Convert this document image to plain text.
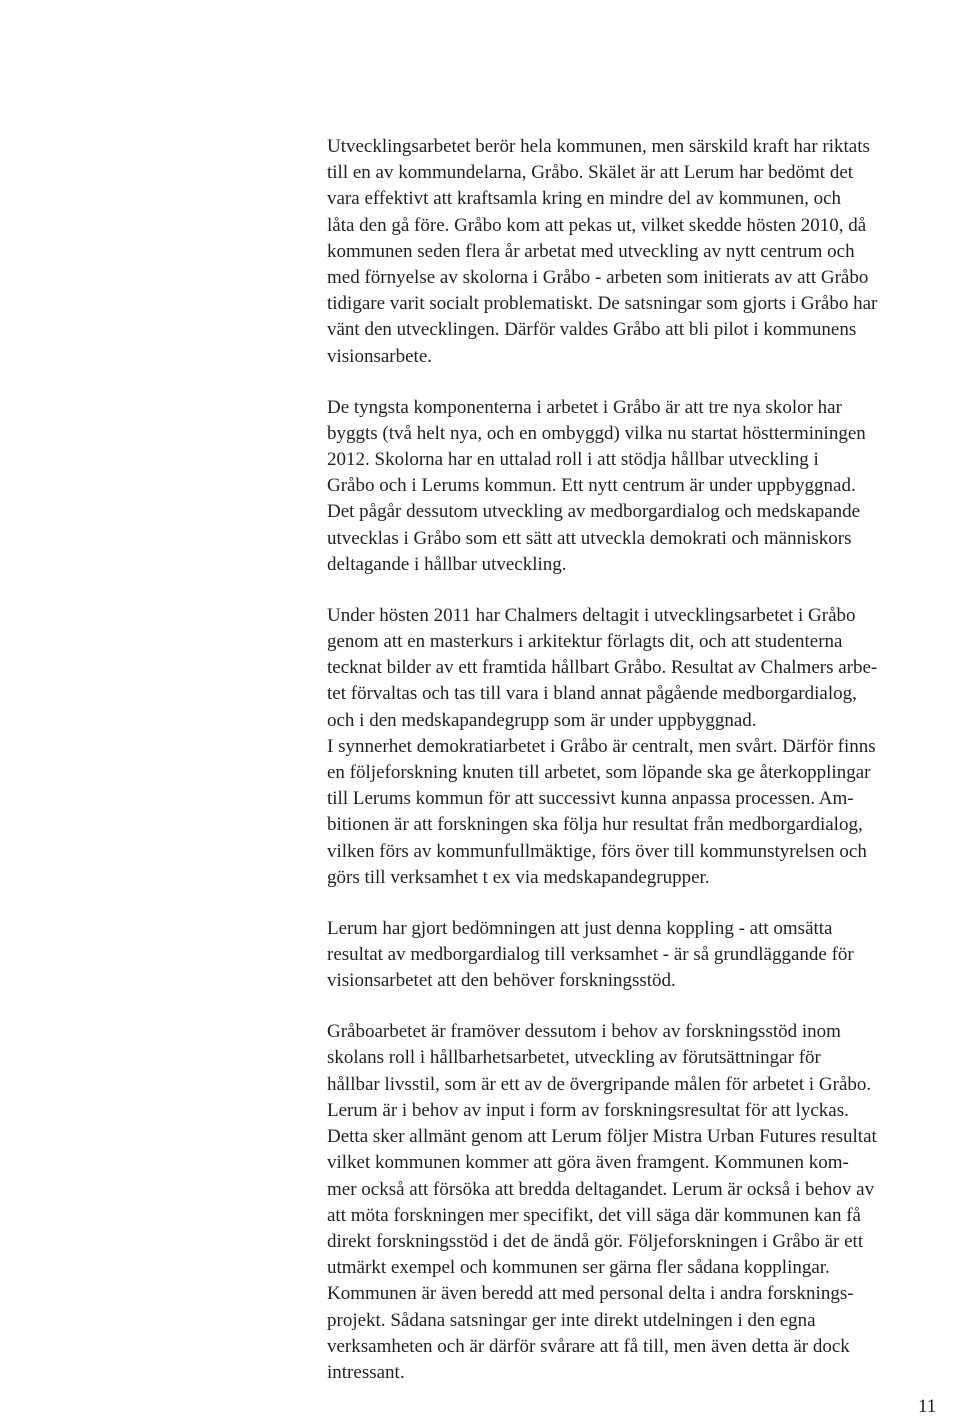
Utvecklingsarbetet berör hela kommunen, men särskild kraft har riktats
till en av kommundelarna, Gråbo. Skälet är att Lerum har bedömt det
vara effektivt att kraftsamla kring en mindre del av kommunen, och
låta den gå före. Gråbo kom att pekas ut, vilket skedde hösten 2010, då
kommunen seden flera år arbetat med utveckling av nytt centrum och
med förnyelse av skolorna i Gråbo - arbeten som initierats av att Gråbo
tidigare varit socialt problematiskt. De satsningar som gjorts i Gråbo har
vänt den utvecklingen. Därför valdes Gråbo att bli pilot i kommunens
visionsarbete.
De tyngsta komponenterna i arbetet i Gråbo är att tre nya skolor har
byggts (två helt nya, och en ombyggd) vilka nu startat höstterminingen
2012. Skolorna har en uttalad roll i att stödja hållbar utveckling i
Gråbo och i Lerums kommun. Ett nytt centrum är under uppbyggnad.
Det pågår dessutom utveckling av medborgardialog och medskapande
utvecklas i Gråbo som ett sätt att utveckla demokrati och människors
deltagande i hållbar utveckling.
Under hösten 2011 har Chalmers deltagit i utvecklingsarbetet i Gråbo
genom att en masterkurs i arkitektur förlagts dit, och att studenterna
tecknat bilder av ett framtida hållbart Gråbo. Resultat av Chalmers arbe-
tet förvaltas och tas till vara i bland annat pågående medborgardialog,
och i den medskapandegrupp som är under uppbyggnad.
I synnerhet demokratiarbetet i Gråbo är centralt, men svårt. Därför finns
en följeforskning knuten till arbetet, som löpande ska ge återkopplingar
till Lerums kommun för att successivt kunna anpassa processen. Am-
bitionen är att forskningen ska följa hur resultat från medborgardialog,
vilken förs av kommunfullmäktige, förs över till kommunstyrelsen och
görs till verksamhet t ex via medskapandegrupper.
Lerum har gjort bedömningen att just denna koppling - att omsätta
resultat av medborgardialog till verksamhet - är så grundläggande för
visionsarbetet att den behöver forskningsstöd.
Gråboarbetet är framöver dessutom i behov av forskningsstöd inom
skolans roll i hållbarhetsarbetet, utveckling av förutsättningar för
hållbar livsstil, som är ett av de övergripande målen för arbetet i Gråbo.
Lerum är i behov av input i form av forskningsresultat för att lyckas.
Detta sker allmänt genom att Lerum följer Mistra Urban Futures resultat
vilket kommunen kommer att göra även framgent. Kommunen kom-
mer också att försöka att bredda deltagandet. Lerum är också i behov av
att möta forskningen mer specifikt, det vill säga där kommunen kan få
direkt forskningsstöd i det de ändå gör. Följeforskningen i Gråbo är ett
utmärkt exempel och kommunen ser gärna fler sådana kopplingar.
Kommunen är även beredd att med personal delta i andra forsknings-
projekt. Sådana satsningar ger inte direkt utdelningen i den egna
verksamheten och är därför svårare att få till, men även detta är dock
intressant.
11
